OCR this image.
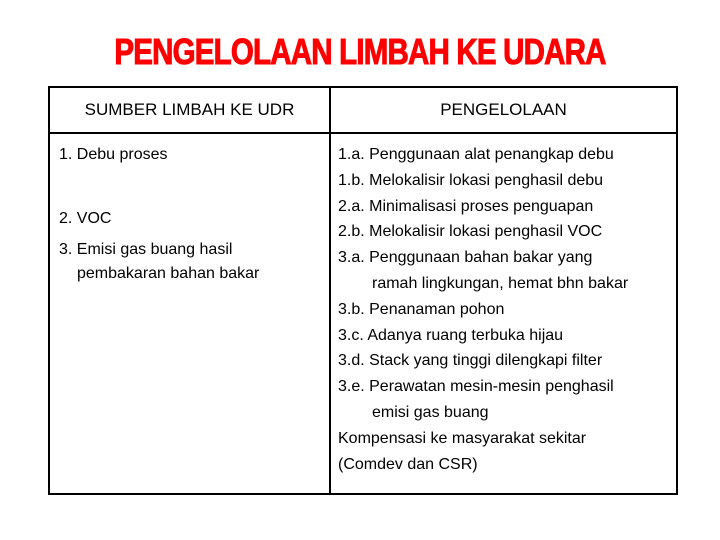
PENGELOLAAN LIMBAH KE UDARA
SUMBER LIMBAH KE UDR	PENGELOLAAN
1. Debu proses
2. VOC
3. Emisi gas buang hasil
pembakaran bahan bakar
1.a. Penggunaan alat penangkap debu
1.b. Melokalisir lokasi penghasil debu
2.a. Minimalisasi proses penguapan
2.b. Melokalisir lokasi penghasil VOC
3.a. Penggunaan bahan bakar yang
ramah lingkungan, hemat bhn bakar
3.b. Penanaman pohon
3.c. Adanya ruang terbuka hijau
3.d. Stack yang tinggi dilengkapi filter
3.e. Perawatan mesin-mesin penghasil
emisi gas buang
Kompensasi ke masyarakat sekitar
(Comdev dan CSR)
